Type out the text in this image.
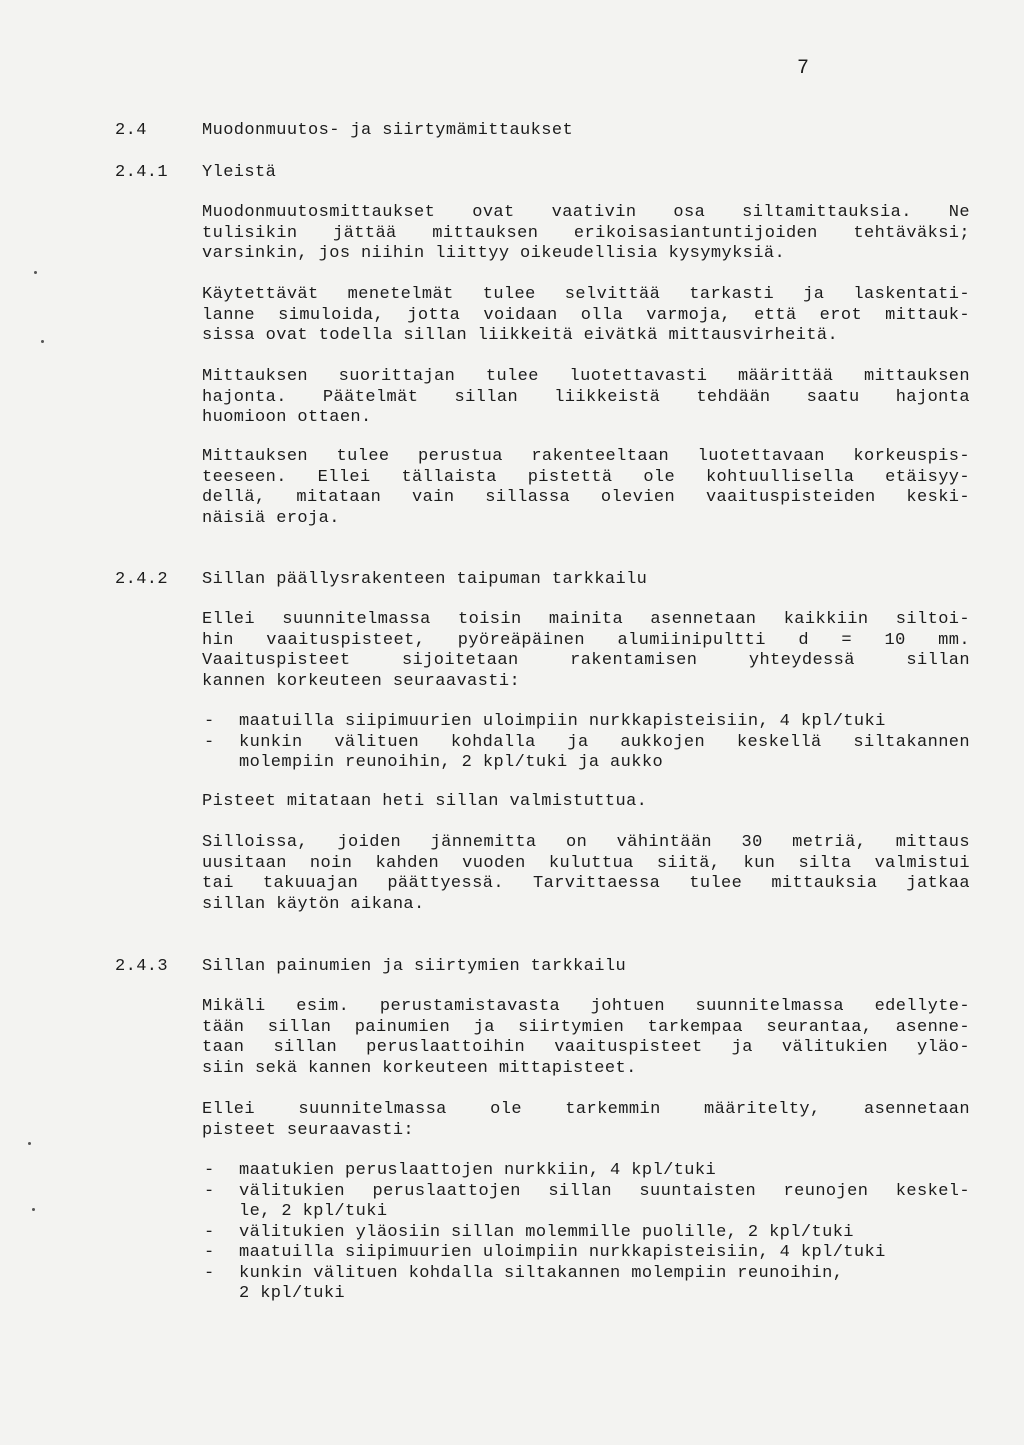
7
2.4	Muodonmuutos- ja siirtymämittaukset
2.4.1 Yleistä
Muodonmuutosmittaukset ovat vaativin osa siltamittauksia. Ne
tulisikin jättää mittauksen erikoisasiantuntijoiden tehtäväksi;
varsinkin, jos niihin liittyy oikeudellisia kysymyksiä.
Käytettävät menetelmät tulee selvittää tarkasti ja laskentati-
lanne simuloida, jotta voidaan olla varmoja, että erot mittauk-
sissa ovat todella sillan liikkeitä eivätkä mittausvirheitä.
Mittauksen suorittajan tulee luotettavasti määrittää mittauksen
hajonta. Päätelmät sillan liikkeistä tehdään saatu hajonta
huomioon ottaen.
Mittauksen tulee perustua rakenteeltaan luotettavaan korkeuspis-
teeseen. Ellei tällaista pistettä ole kohtuullisella etäisyy-
dellä, mitataan vain sillassa olevien vaaituspisteiden keski-
näisiä eroja.
2.4.2 Sillan päällysrakenteen taipuman tarkkailu
Ellei suunnitelmassa toisin mainita asennetaan kaikkiin siltoi-
hin vaaituspisteet, pyöreäpäinen alumiinipultti d = 10 mm.
Vaaituspisteet sijoitetaan rakentamisen yhteydessä sillan
kannen korkeuteen seuraavasti:
- maatuilla siipimuurien uloimpiin nurkkapisteisiin, 4 kpl/tuki
- kunkin välituen kohdalla ja aukkojen keskellä siltakannen
molempiin reunoihin, 2 kpl/tuki ja aukko
Pisteet mitataan heti sillan valmistuttua.
Silloissa, joiden jännemitta on vähintään 30 metriä, mittaus
uusitaan noin kahden vuoden kuluttua siitä, kun silta valmistui
tai takuuajan päättyessä. Tarvittaessa tulee mittauksia jatkaa
sillan käytön aikana.
2.4.3 Sillan painumien ja siirtymien tarkkailu
Mikäli esim. perustamistavasta johtuen suunnitelmassa edellyte-
tään sillan painumien ja siirtymien tarkempaa seurantaa, asenne-
taan sillan peruslaattoihin vaaituspisteet ja välitukien yläo-
siin sekä kannen korkeuteen mittapisteet.
Ellei suunnitelmassa ole tarkemmin määritelty, asennetaan
pisteet seuraavasti:
- maatukien peruslaattojen nurkkiin, 4 kpl/tuki
- välitukien peruslaattojen sillan suuntaisten reunojen keskel-
le, 2 kpl/tuki
- välitukien yläosiin sillan molemmille puolille, 2 kpl/tuki
- maatuilla siipimuurien uloimpiin nurkkapisteisiin, 4 kpl/tuki
- kunkin välituen kohdalla siltakannen molempiin reunoihin,
2 kpl/tuki
